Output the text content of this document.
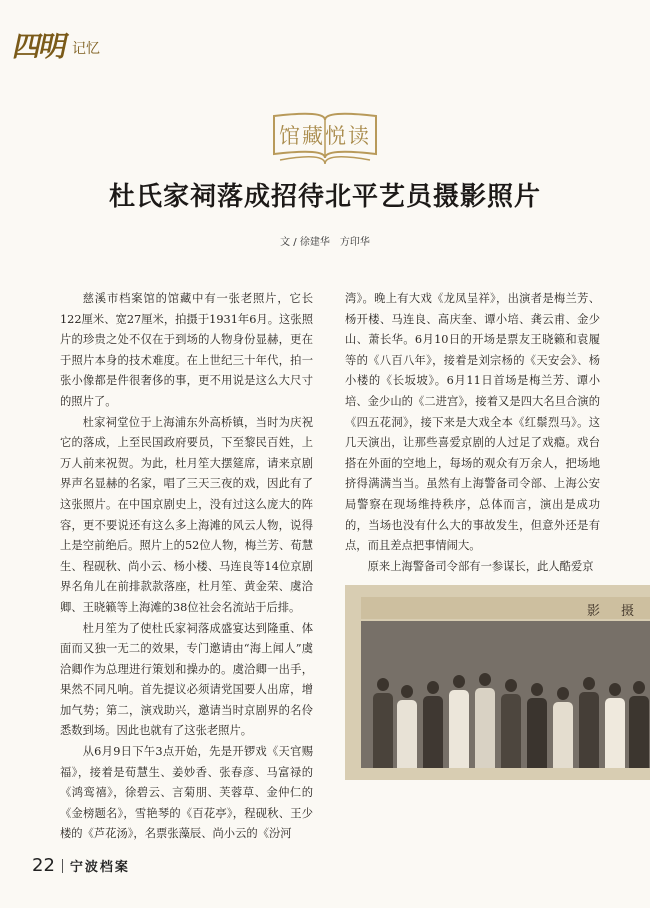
四明 记忆
馆藏悦读
杜氏家祠落成招待北平艺员摄影照片
文 / 徐建华　方印华

慈溪市档案馆的馆藏中有一张老照片，它长122厘米、宽27厘米，拍摄于1931年6月。这张照片的珍贵之处不仅在于到场的人物身份显赫，更在于照片本身的技术难度。在上世纪三十年代，拍一张小像都是件很奢侈的事，更不用说是这么大尺寸的照片了。

杜家祠堂位于上海浦东外高桥镇，当时为庆祝它的落成，上至民国政府要员，下至黎民百姓，上万人前来祝贺。为此，杜月笙大摆筵席，请来京剧界声名显赫的名家，唱了三天三夜的戏，因此有了这张照片。在中国京剧史上，没有过这么庞大的阵容，更不要说还有这么多上海滩的风云人物，说得上是空前绝后。照片上的52位人物，梅兰芳、荀慧生、程砚秋、尚小云、杨小楼、马连良等14位京剧界名角儿在前排款款落座，杜月笙、黄金荣、虞洽卿、王晓籁等上海滩的38位社会名流站于后排。

杜月笙为了使杜氏家祠落成盛宴达到隆重、体面而又独一无二的效果，专门邀请由“海上闻人”虞洽卿作为总理进行策划和操办的。虞洽卿一出手，果然不同凡响。首先提议必须请党国要人出席，增加气势；第二，演戏助兴，邀请当时京剧界的名伶悉数到场。因此也就有了这张老照片。

从6月9日下午3点开始，先是开锣戏《天官赐福》，接着是荀慧生、姜妙香、张春彦、马富禄的《鸿鸾禧》，徐碧云、言菊朋、芙蓉草、金仲仁的《金榜题名》，雪艳琴的《百花亭》，程砚秋、王少楼的《芦花汤》，名票张藻辰、尚小云的《汾河

湾》。晚上有大戏《龙凤呈祥》，出演者是梅兰芳、杨开楼、马连良、高庆奎、谭小培、龚云甫、金少山、萧长华。6月10日的开场是票友王晓籁和袁履等的《八百八年》，接着是刘宗杨的《天安会》、杨小楼的《长坂坡》。6月11日首场是梅兰芳、谭小培、金少山的《二进宫》，接着又是四大名旦合演的《四五花洞》，接下来是大戏全本《红鬃烈马》。这几天演出，让那些喜爱京剧的人过足了戏瘾。戏台搭在外面的空地上，每场的观众有万余人，把场地挤得满满当当。虽然有上海警备司令部、上海公安局警察在现场维持秩序，总体而言，演出是成功的，当场也没有什么大的事故发生，但意外还是有点，而且差点把事情闹大。

原来上海警备司令部有一参谋长，此人酷爱京

影　摄
22 宁波档案
